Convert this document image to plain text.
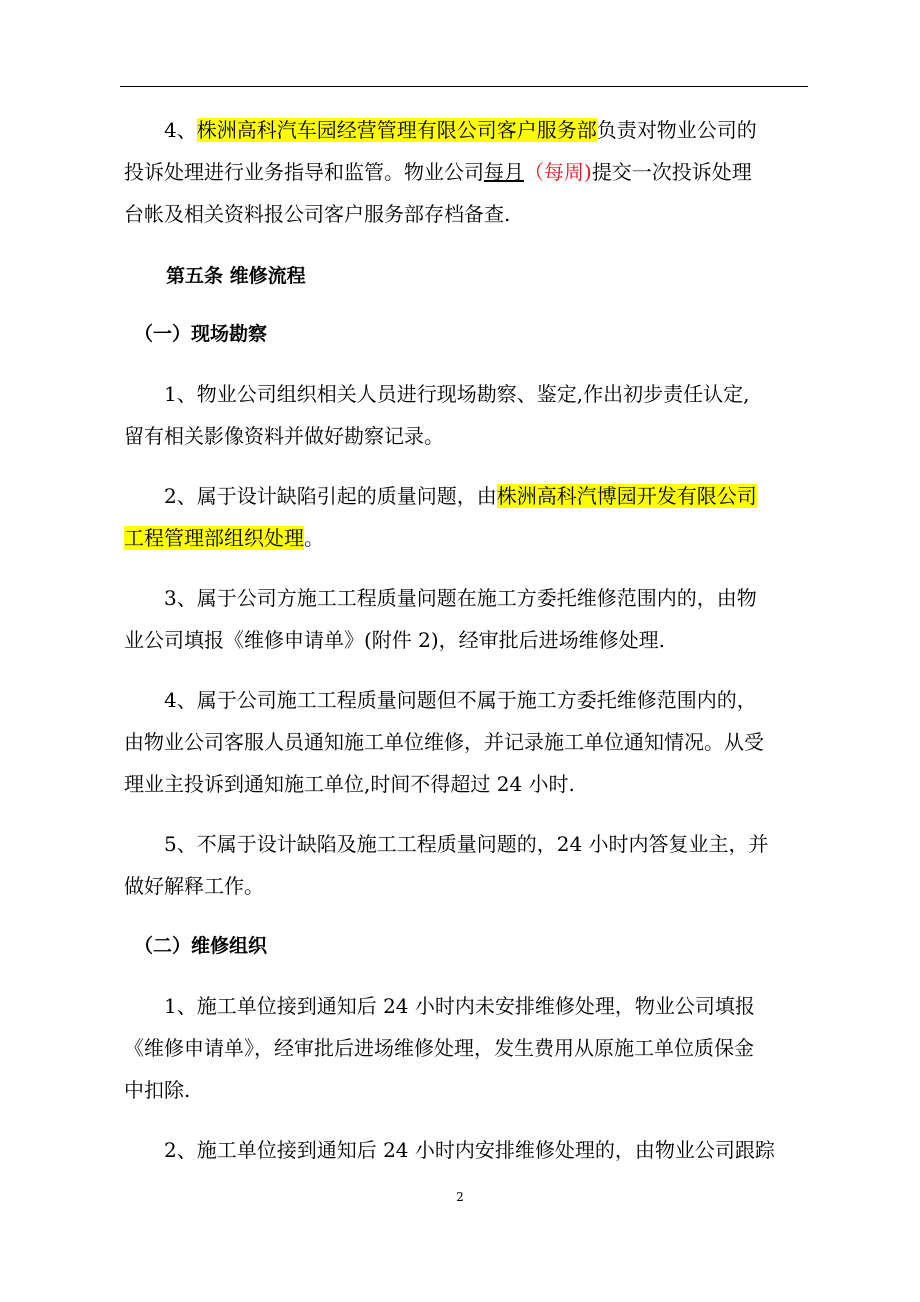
4、株洲高科汽车园经营管理有限公司客户服务部负责对物业公司的
投诉处理进行业务指导和监管。物业公司每月（每周)提交一次投诉处理
台帐及相关资料报公司客户服务部存档备查.
第五条 维修流程
（一）现场勘察
1、物业公司组织相关人员进行现场勘察、鉴定,作出初步责任认定,
留有相关影像资料并做好勘察记录。
2、属于设计缺陷引起的质量问题，由株洲高科汽博园开发有限公司
工程管理部组织处理。
3、属于公司方施工工程质量问题在施工方委托维修范围内的，由物
业公司填报《维修申请单》(附件 2)，经审批后进场维修处理.
4、属于公司施工工程质量问题但不属于施工方委托维修范围内的，
由物业公司客服人员通知施工单位维修，并记录施工单位通知情况。从受
理业主投诉到通知施工单位,时间不得超过 24 小时.
5、不属于设计缺陷及施工工程质量问题的，24 小时内答复业主，并
做好解释工作。
（二）维修组织
1、施工单位接到通知后 24 小时内未安排维修处理，物业公司填报
《维修申请单》，经审批后进场维修处理，发生费用从原施工单位质保金
中扣除.
2、施工单位接到通知后 24 小时内安排维修处理的，由物业公司跟踪
2
